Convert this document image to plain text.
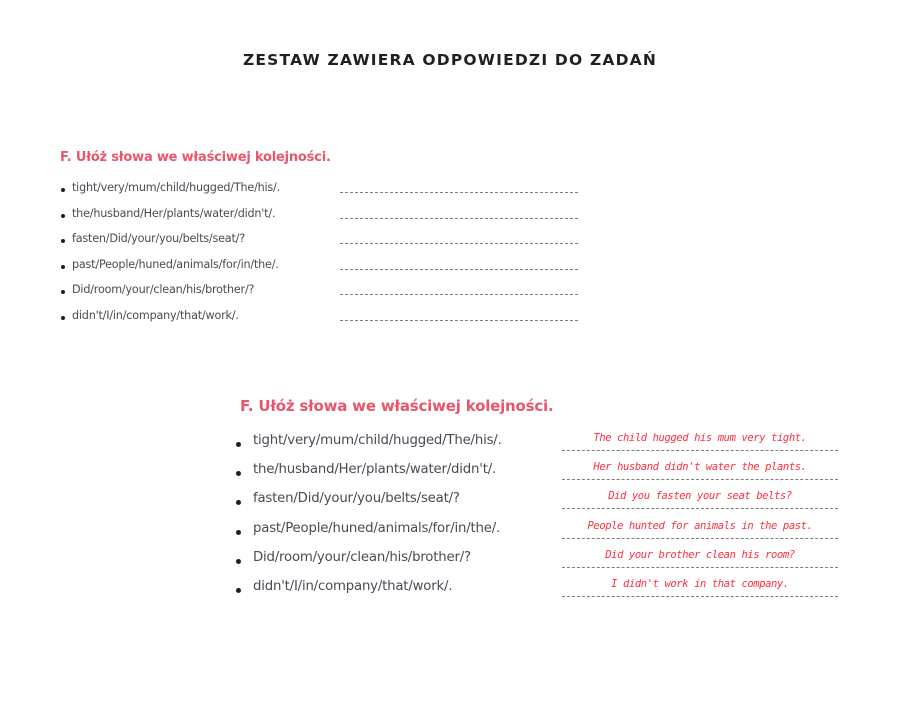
ZESTAW ZAWIERA ODPOWIEDZI DO ZADAŃ
F. Ułóż słowa we właściwej kolejności.
tight/very/mum/child/hugged/The/his/.
the/husband/Her/plants/water/didn't/.
fasten/Did/your/you/belts/seat/?
past/People/huned/animals/for/in/the/.
Did/room/your/clean/his/brother/?
didn't/I/in/company/that/work/.
F. Ułóż słowa we właściwej kolejności.
tight/very/mum/child/hugged/The/his/.	The child hugged his mum very tight.
the/husband/Her/plants/water/didn't/.	Her husband didn't water the plants.
fasten/Did/your/you/belts/seat/?	Did you fasten your seat belts?
past/People/huned/animals/for/in/the/.	People hunted for animals in the past.
Did/room/your/clean/his/brother/?	Did your brother clean his room?
didn't/I/in/company/that/work/.	I didn't work in that company.
